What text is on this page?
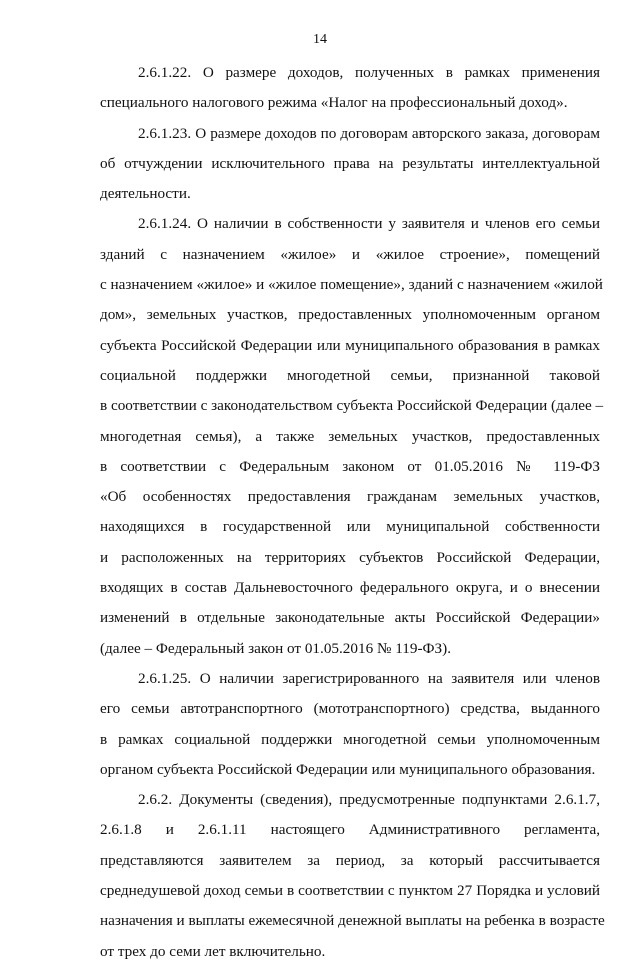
14
2.6.1.22. О размере доходов, полученных в рамках применения
специального налогового режима «Налог на профессиональный доход».
2.6.1.23. О размере доходов по договорам авторского заказа, договорам
об отчуждении исключительного права на результаты интеллектуальной
деятельности.
2.6.1.24. О наличии в собственности у заявителя и членов его семьи
зданий с назначением «жилое» и «жилое строение», помещений
с назначением «жилое» и «жилое помещение», зданий с назначением «жилой
дом», земельных участков, предоставленных уполномоченным органом
субъекта Российской Федерации или муниципального образования в рамках
социальной поддержки многодетной семьи, признанной таковой
в соответствии с законодательством субъекта Российской Федерации (далее –
многодетная семья), а также земельных участков, предоставленных
в соответствии с Федеральным законом от 01.05.2016 № 119-ФЗ
«Об особенностях предоставления гражданам земельных участков,
находящихся в государственной или муниципальной собственности
и расположенных на территориях субъектов Российской Федерации,
входящих в состав Дальневосточного федерального округа, и о внесении
изменений в отдельные законодательные акты Российской Федерации»
(далее – Федеральный закон от 01.05.2016 № 119-ФЗ).
2.6.1.25. О наличии зарегистрированного на заявителя или членов
его семьи автотранспортного (мототранспортного) средства, выданного
в рамках социальной поддержки многодетной семьи уполномоченным
органом субъекта Российской Федерации или муниципального образования.
2.6.2. Документы (сведения), предусмотренные подпунктами 2.6.1.7,
2.6.1.8 и 2.6.1.11 настоящего Административного регламента,
представляются заявителем за период, за который рассчитывается
среднедушевой доход семьи в соответствии с пунктом 27 Порядка и условий
назначения и выплаты ежемесячной денежной выплаты на ребенка в возрасте
от трех до семи лет включительно.
